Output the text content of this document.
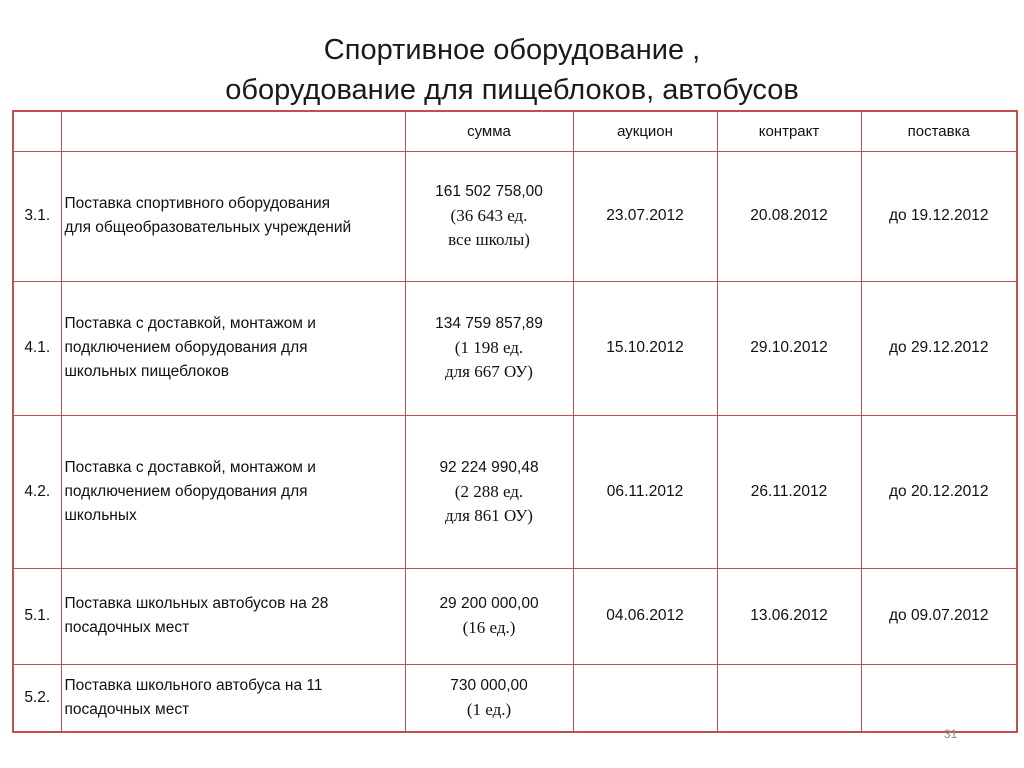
Спортивное оборудование ,
оборудование для пищеблоков, автобусов
		сумма	аукцион	контракт	поставка
3.1.	Поставка спортивного оборудования
для общеобразовательных учреждений	161 502 758,00
(36 643 ед.
все школы)	23.07.2012	20.08.2012	до 19.12.2012
4.1.	Поставка с доставкой, монтажом и
подключением оборудования для
школьных пищеблоков	134 759 857,89
(1 198 ед.
для 667 ОУ)	15.10.2012	29.10.2012	до 29.12.2012
4.2.	Поставка с доставкой, монтажом и
подключением оборудования для
школьных	92 224 990,48
(2 288 ед.
для 861 ОУ)	06.11.2012	26.11.2012	до 20.12.2012
5.1.	Поставка школьных автобусов на 28
посадочных мест	29 200 000,00
(16 ед.)	04.06.2012	13.06.2012	до 09.07.2012
5.2.	Поставка школьного автобуса на 11
посадочных мест	730 000,00
(1 ед.)			

31
